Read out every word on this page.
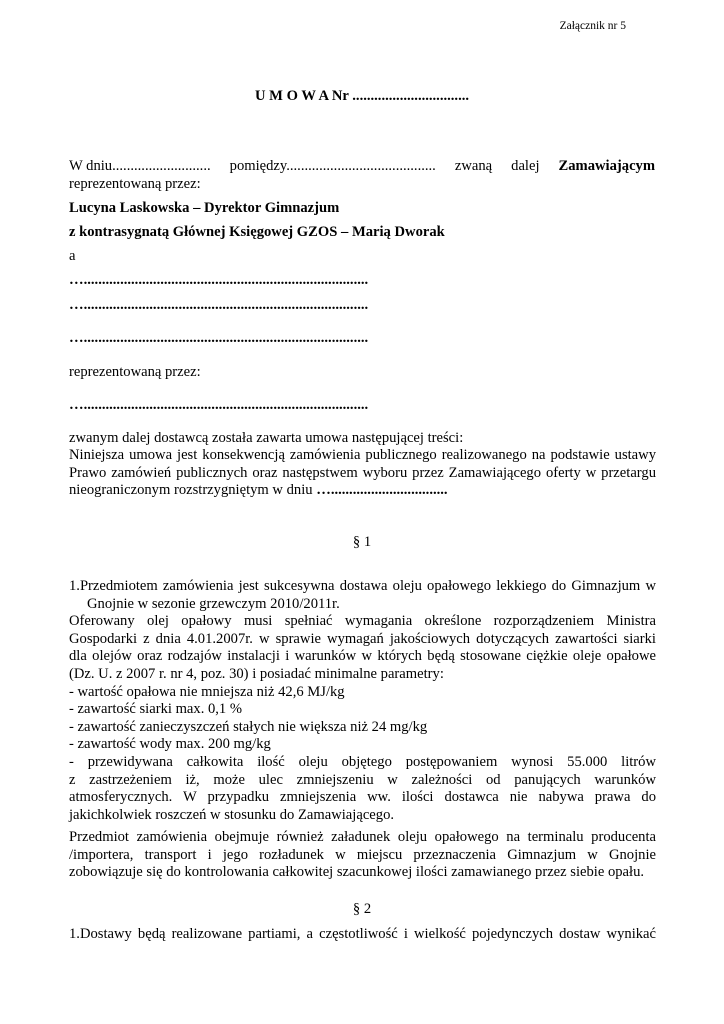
Załącznik nr 5
U M O W A Nr ................................
W dniu........................... pomiędzy......................................... zwaną dalej Zamawiającym
reprezentowaną przez:
Lucyna Laskowska – Dyrektor Gimnazjum
z kontrasygnatą Głównej Księgowej GZOS – Marią Dworak
a
…..............................................................................
…..............................................................................
…..............................................................................
reprezentowaną przez:
…..............................................................................
zwanym dalej dostawcą została zawarta umowa następującej treści:
Niniejsza umowa jest konsekwencją zamówienia publicznego realizowanego na podstawie ustawy
Prawo zamówień publicznych oraz następstwem wyboru przez Zamawiającego oferty w przetargu
nieograniczonym rozstrzygniętym w dniu …................................
§ 1
1.Przedmiotem zamówienia jest sukcesywna dostawa oleju opałowego lekkiego do Gimnazjum w
Gnojnie w sezonie grzewczym 2010/2011r.
Oferowany olej opałowy musi spełniać wymagania określone rozporządzeniem Ministra
Gospodarki z dnia 4.01.2007r. w sprawie wymagań jakościowych dotyczących zawartości siarki
dla olejów oraz rodzajów instalacji i warunków w których będą stosowane ciężkie oleje opałowe
(Dz. U. z 2007 r. nr 4, poz. 30) i posiadać minimalne parametry:
- wartość opałowa nie mniejsza niż 42,6 MJ/kg
- zawartość siarki max. 0,1 %
- zawartość zanieczyszczeń stałych nie większa niż 24 mg/kg
- zawartość wody max. 200 mg/kg
- przewidywana całkowita ilość oleju objętego postępowaniem wynosi 55.000 litrów
z zastrzeżeniem iż, może ulec zmniejszeniu w zależności od panujących warunków
atmosferycznych. W przypadku zmniejszenia ww. ilości dostawca nie nabywa prawa do
jakichkolwiek roszczeń w stosunku do Zamawiającego.
Przedmiot zamówienia obejmuje również załadunek oleju opałowego na terminalu producenta
/importera, transport i jego rozładunek w miejscu przeznaczenia Gimnazjum w Gnojnie
zobowiązuje się do kontrolowania całkowitej szacunkowej ilości zamawianego przez siebie opału.
§ 2
1.Dostawy będą realizowane partiami, a częstotliwość i wielkość pojedynczych dostaw wynikać
